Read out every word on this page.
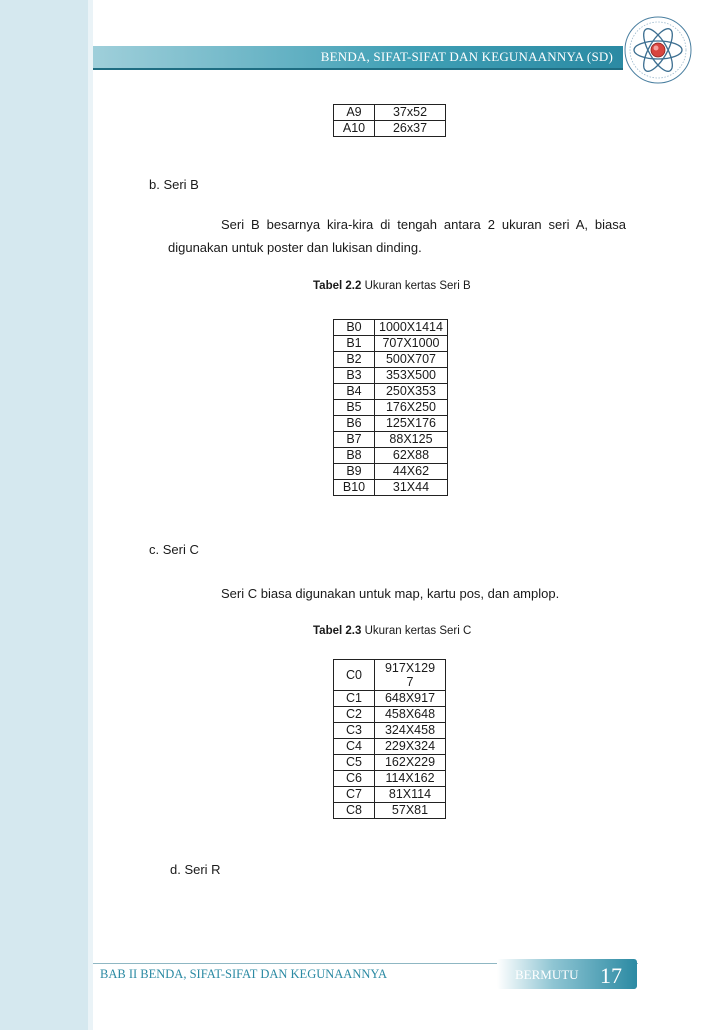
BENDA, SIFAT-SIFAT DAN KEGUNAANNYA (SD)
A9	37x52
A10	26x37
b. Seri B
Seri B besarnya kira-kira di tengah antara 2 ukuran seri A, biasa
digunakan untuk poster dan lukisan dinding.
Tabel 2.2 Ukuran kertas Seri B
B0	1000X1414
B1	707X1000
B2	500X707
B3	353X500
B4	250X353
B5	176X250
B6	125X176
B7	88X125
B8	62X88
B9	44X62
B10	31X44
c. Seri C
Seri C biasa digunakan untuk map, kartu pos, dan amplop.
Tabel 2.3 Ukuran kertas Seri C
C0	917X129
7
C1	648X917
C2	458X648
C3	324X458
C4	229X324
C5	162X229
C6	114X162
C7	81X114
C8	57X81
d. Seri R
BAB II BENDA, SIFAT-SIFAT DAN KEGUNAANNYA	BERMUTU 17
